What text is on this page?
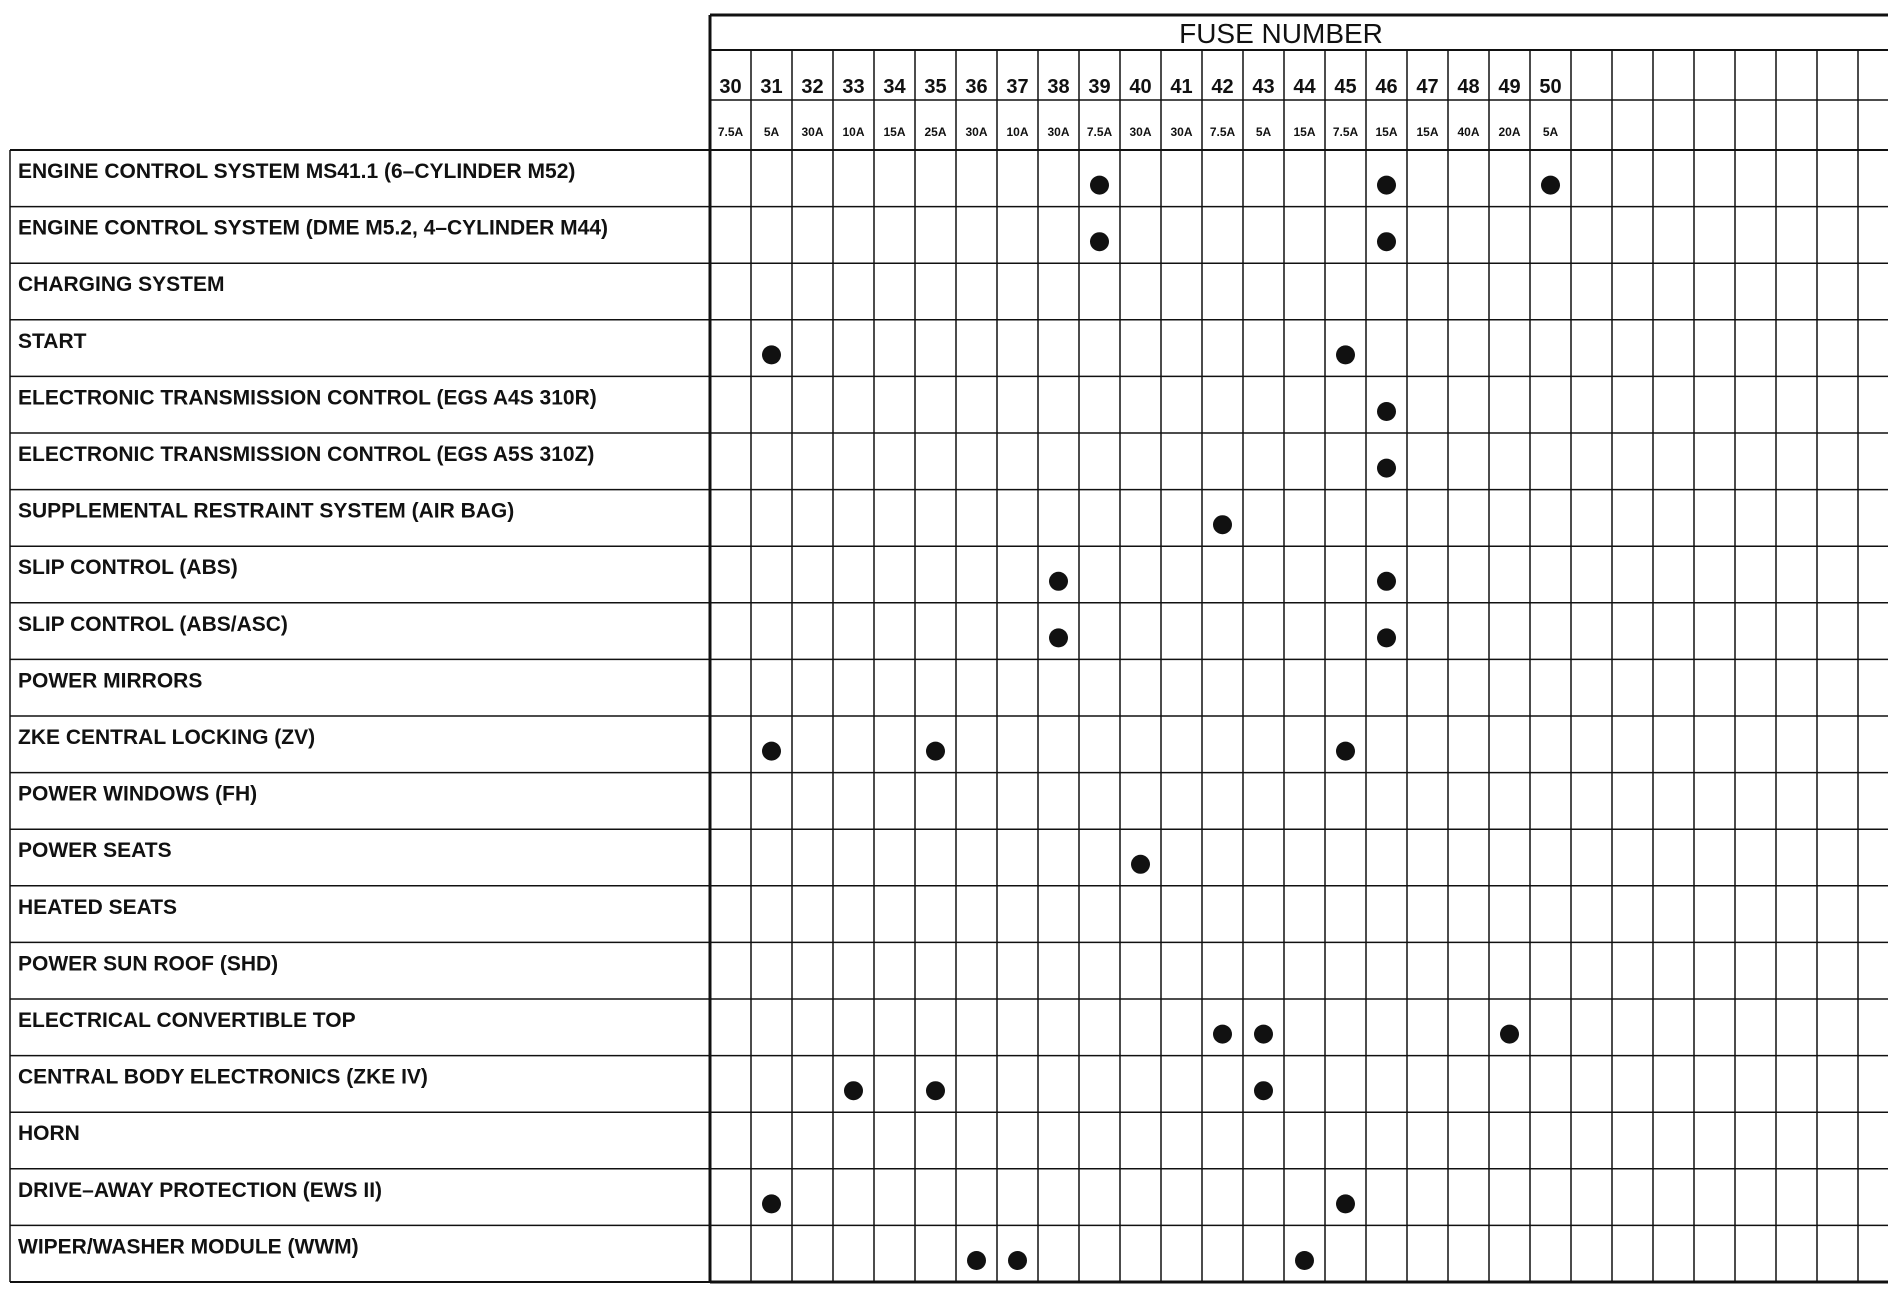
FUSE NUMBER
30
7.5A
31
5A
32
30A
33
10A
34
15A
35
25A
36
30A
37
10A
38
30A
39
7.5A
40
30A
41
30A
42
7.5A
43
5A
44
15A
45
7.5A
46
15A
47
15A
48
40A
49
20A
50
5A
ENGINE CONTROL SYSTEM MS41.1 (6–CYLINDER M52)
ENGINE CONTROL SYSTEM (DME M5.2, 4–CYLINDER M44)
CHARGING SYSTEM
START
ELECTRONIC TRANSMISSION CONTROL (EGS A4S 310R)
ELECTRONIC TRANSMISSION CONTROL (EGS A5S 310Z)
SUPPLEMENTAL RESTRAINT SYSTEM (AIR BAG)
SLIP CONTROL (ABS)
SLIP CONTROL (ABS/ASC)
POWER MIRRORS
ZKE CENTRAL LOCKING (ZV)
POWER WINDOWS (FH)
POWER SEATS
HEATED SEATS
POWER SUN ROOF (SHD)
ELECTRICAL CONVERTIBLE TOP
CENTRAL BODY ELECTRONICS (ZKE IV)
HORN
DRIVE–AWAY PROTECTION (EWS II)
WIPER/WASHER MODULE (WWM)
